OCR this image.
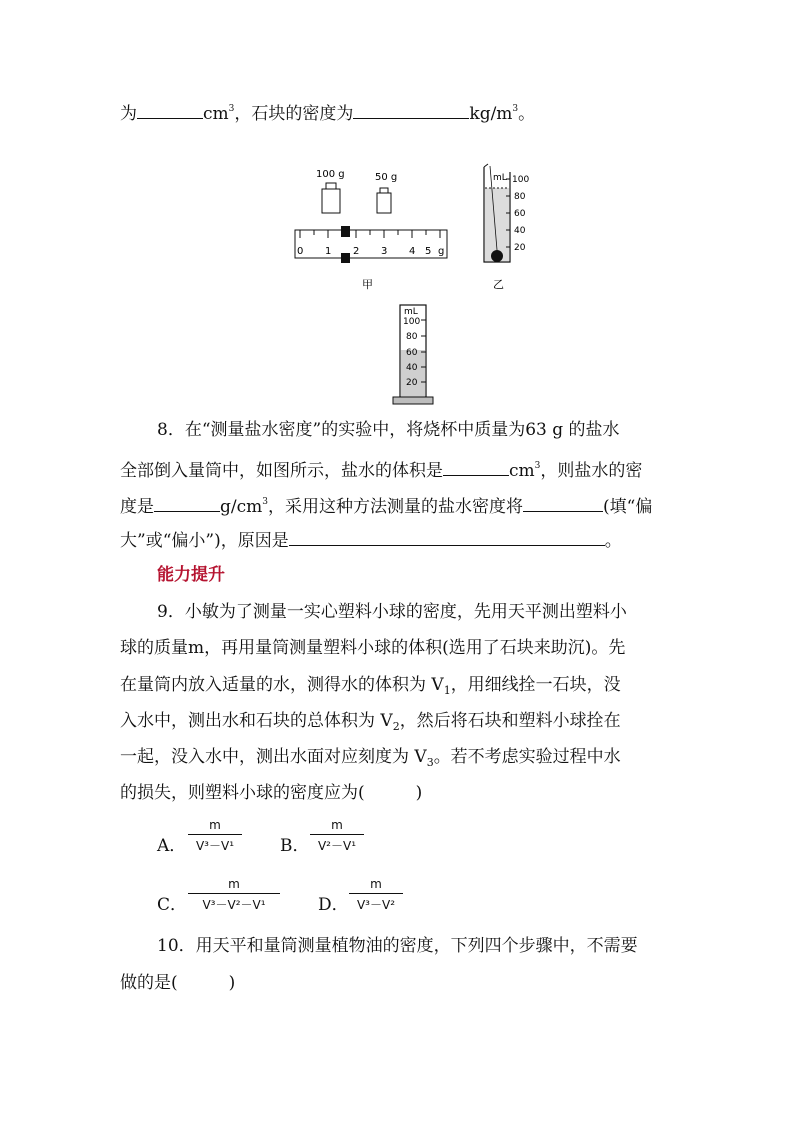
为	$cm^3$，石块的密度为	$kg/m^3$。
100 g	50 g
0 1 2 3 4 5 g
甲
mL 100
80
60
40
20
乙
mL
100
80
60
40
20
8．在“测量盐水密度”的实验中，将烧杯中质量为63 g 的盐水
全部倒入量筒中，如图所示，盐水的体积是	$cm^3$，则盐水的密
度是	$g/cm^3$，采用这种方法测量的盐水密度将	(填“偏
大”或“偏小”)，原因是	。
能力提升
9．小敏为了测量一实心塑料小球的密度，先用天平测出塑料小
球的质量m，再用量筒测量塑料小球的体积(选用了石块来助沉)。先
在量筒内放入适量的水，测得水的体积为 $V_1$，用细线拴一石块，没
入水中，测出水和石块的总体积为 $V_2$，然后将石块和塑料小球拴在
一起，没入水中，测出水面对应刻度为 $V_3$。若不考虑实验过程中水
的损失，则塑料小球的密度应为(　　　)
A．
m
V³－V¹	B．
m
V²－V¹
C．
m
V³－V²－V¹	D．
m
V³－V²
10．用天平和量筒测量植物油的密度，下列四个步骤中，不需要
做的是(　　　)
